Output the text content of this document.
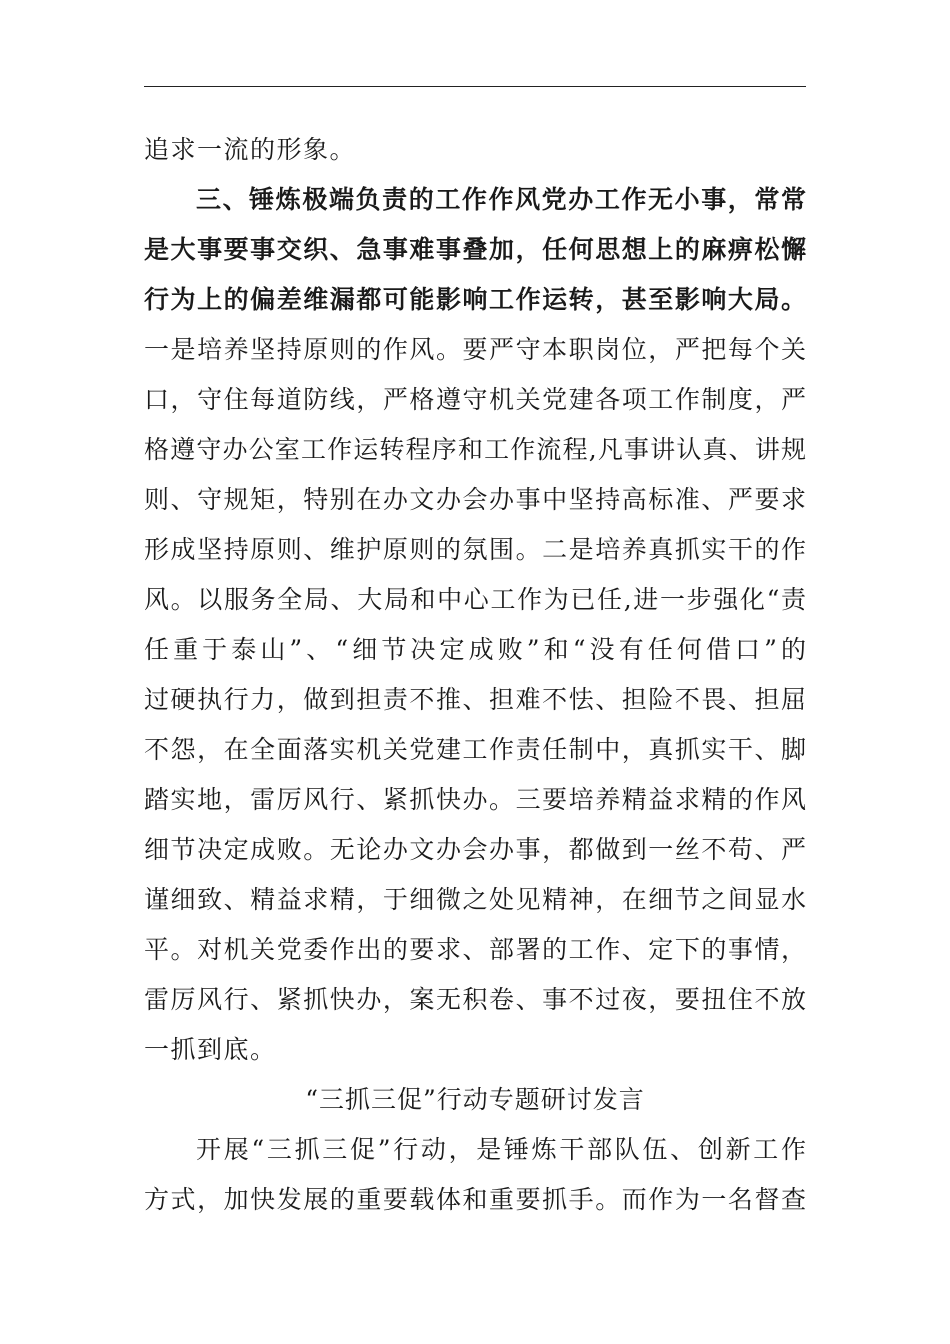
追求一流的形象。
三、锤炼极端负责的工作作风党办工作无小事，常常
是大事要事交织、急事难事叠加，任何思想上的麻痹松懈
行为上的偏差维漏都可能影响工作运转，甚至影响大局。
一是培养坚持原则的作风。要严守本职岗位，严把每个关
口，守住每道防线，严格遵守机关党建各项工作制度，严
格遵守办公室工作运转程序和工作流程,凡事讲认真、讲规
则、守规矩，特别在办文办会办事中坚持高标准、严要求
形成坚持原则、维护原则的氛围。二是培养真抓实干的作
风。以服务全局、大局和中心工作为已任,进一步强化“责
任重于泰山”、“细节决定成败”和“没有任何借口”的
过硬执行力，做到担责不推、担难不怯、担险不畏、担屈
不怨，在全面落实机关党建工作责任制中，真抓实干、脚
踏实地，雷厉风行、紧抓快办。三要培养精益求精的作风
细节决定成败。无论办文办会办事，都做到一丝不苟、严
谨细致、精益求精，于细微之处见精神，在细节之间显水
平。对机关党委作出的要求、部署的工作、定下的事情，
雷厉风行、紧抓快办，案无积卷、事不过夜，要扭住不放
一抓到底。
“三抓三促”行动专题研讨发言
开展“三抓三促”行动，是锤炼干部队伍、创新工作
方式，加快发展的重要载体和重要抓手。而作为一名督查
